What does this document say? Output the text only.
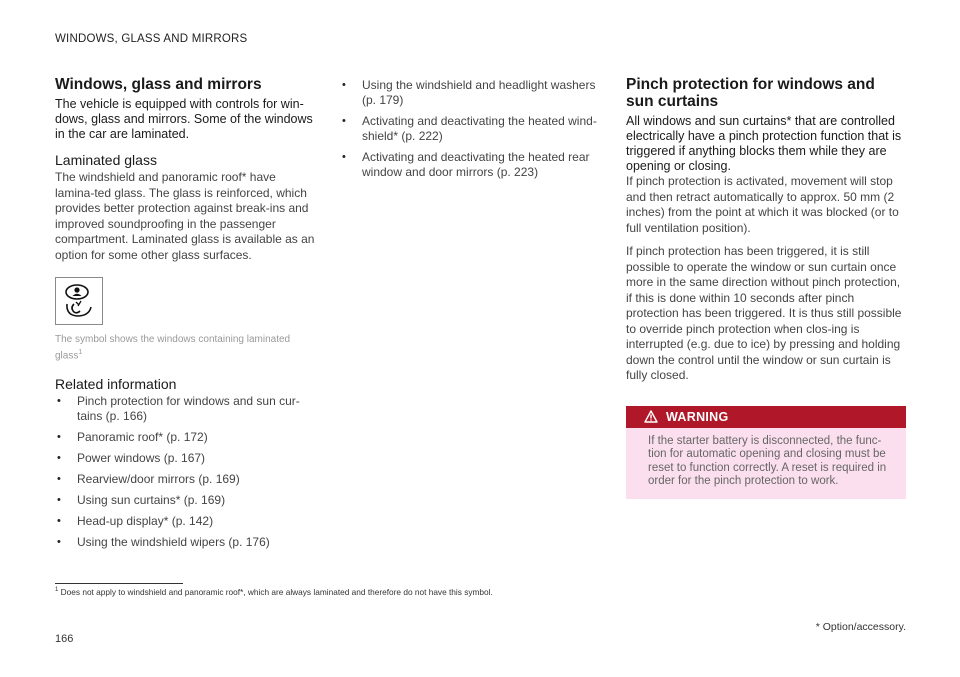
WINDOWS, GLASS AND MIRRORS
Windows, glass and mirrors

The vehicle is equipped with controls for win-dows, glass and mirrors. Some of the windows in the car are laminated.

Laminated glass

The windshield and panoramic roof* have lamina-ted glass. The glass is reinforced, which provides better protection against break-ins and improved soundproofing in the passenger compartment. Laminated glass is available as an option for some other glass surfaces.

The symbol shows the windows containing laminated glass$^1$

Related information
• Pinch protection for windows and sun cur-tains (p. 166)
• Panoramic roof* (p. 172)
• Power windows (p. 167)
• Rearview/door mirrors (p. 169)
• Using sun curtains* (p. 169)
• Head-up display* (p. 142)
• Using the windshield wipers (p. 176)
• Using the windshield and headlight washers (p. 179)
• Activating and deactivating the heated wind-shield* (p. 222)
• Activating and deactivating the heated rear window and door mirrors (p. 223)
Pinch protection for windows and sun curtains

All windows and sun curtains* that are controlled electrically have a pinch protection function that is triggered if anything blocks them while they are opening or closing.

If pinch protection is activated, movement will stop and then retract automatically to approx. 50 mm (2 inches) from the point at which it was blocked (or to full ventilation position).

If pinch protection has been triggered, it is still possible to operate the window or sun curtain once more in the same direction without pinch protection, if this is done within 10 seconds after pinch protection has been triggered. It is thus still possible to override pinch protection when clos-ing is interrupted (e.g. due to ice) by pressing and holding down the control until the window or sun curtain is fully closed.

WARNING

If the starter battery is disconnected, the func-tion for automatic opening and closing must be reset to function correctly. A reset is required in order for the pinch protection to work.

$^1$ Does not apply to windshield and panoramic roof*, which are always laminated and therefore do not have this symbol.
* Option/accessory.
166
